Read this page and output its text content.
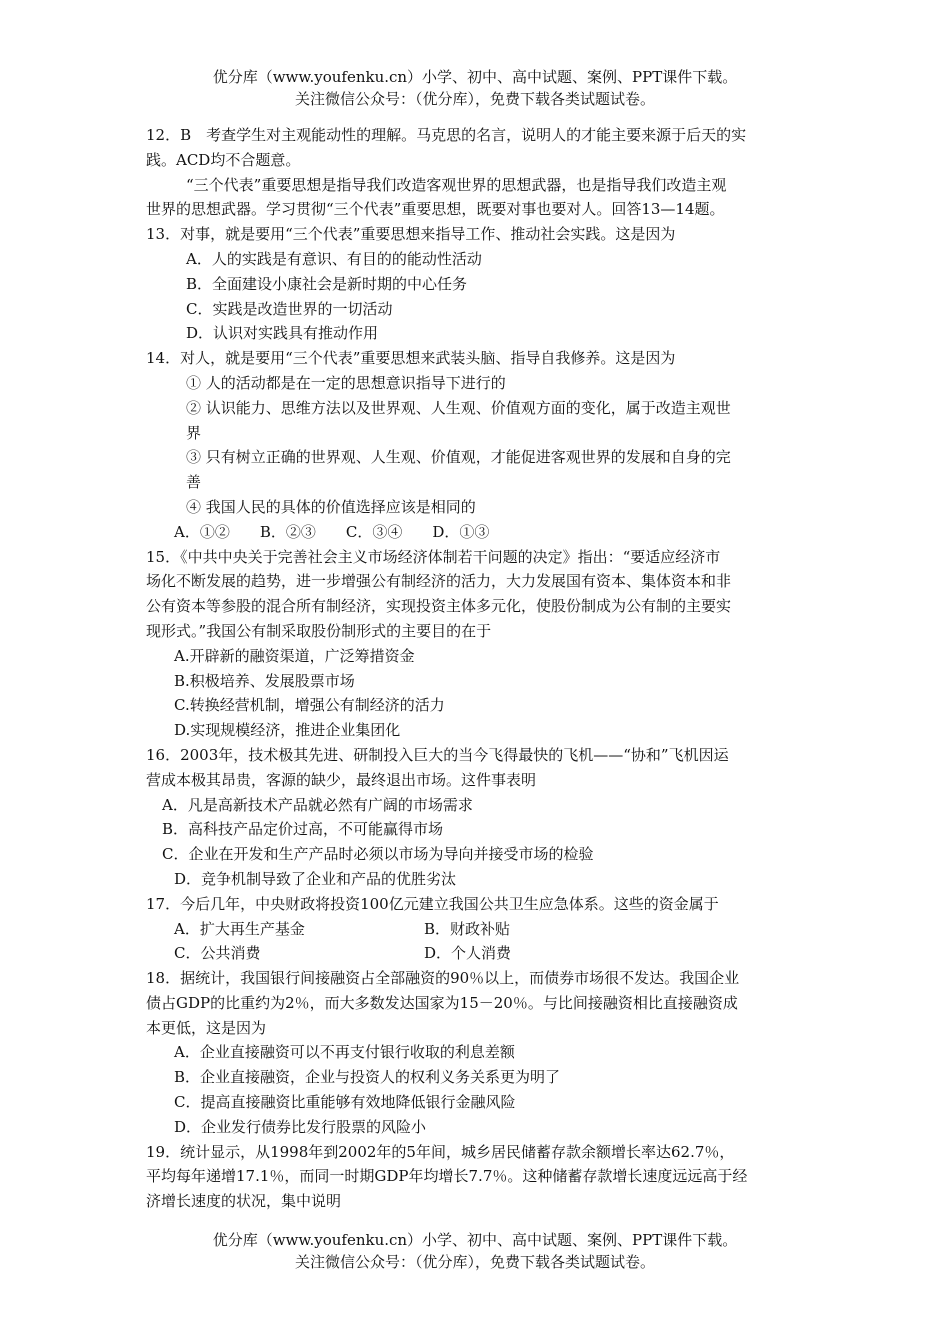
优分库（www.youfenku.cn）小学、初中、高中试题、案例、PPT课件下载。
关注微信公众号：（优分库），免费下载各类试题试卷。

12．B　考查学生对主观能动性的理解。马克思的名言，说明人的才能主要来源于后天的实

践。ACD均不合题意。

“三个代表”重要思想是指导我们改造客观世界的思想武器，也是指导我们改造主观

世界的思想武器。学习贯彻“三个代表”重要思想，既要对事也要对人。回答13—14题。

13．对事，就是要用“三个代表”重要思想来指导工作、推动社会实践。这是因为

A．人的实践是有意识、有目的的能动性活动

B．全面建设小康社会是新时期的中心任务

C．实践是改造世界的一切活动

D．认识对实践具有推动作用

14．对人，就是要用“三个代表”重要思想来武装头脑、指导自我修养。这是因为

① 人的活动都是在一定的思想意识指导下进行的

② 认识能力、思维方法以及世界观、人生观、价值观方面的变化，属于改造主观世

界

③ 只有树立正确的世界观、人生观、价值观，才能促进客观世界的发展和自身的完

善

④ 我国人民的具体的价值选择应该是相同的

A．①②　　B．②③　　C．③④　　D．①③

15．《中共中央关于完善社会主义市场经济体制若干问题的决定》指出：“要适应经济市

场化不断发展的趋势，进一步增强公有制经济的活力，大力发展国有资本、集体资本和非

公有资本等参股的混合所有制经济，实现投资主体多元化，使股份制成为公有制的主要实

现形式。”我国公有制采取股份制形式的主要目的在于

A.开辟新的融资渠道，广泛筹措资金

B.积极培养、发展股票市场

C.转换经营机制，增强公有制经济的活力

D.实现规模经济，推进企业集团化

16．2003年，技术极其先进、研制投入巨大的当今飞得最快的飞机——“协和”飞机因运

营成本极其昂贵，客源的缺少，最终退出市场。这件事表明

A．凡是高新技术产品就必然有广阔的市场需求

B．高科技产品定价过高，不可能赢得市场

C．企业在开发和生产产品时必须以市场为导向并接受市场的检验

D．竞争机制导致了企业和产品的优胜劣汰

17．今后几年，中央财政将投资100亿元建立我国公共卫生应急体系。这些的资金属于

A．扩大再生产基金	B．财政补贴
C．公共消费	D．个人消费

18．据统计，我国银行间接融资占全部融资的90％以上，而债券市场很不发达。我国企业

债占GDP的比重约为2％，而大多数发达国家为15－20％。与比间接融资相比直接融资成

本更低，这是因为

A．企业直接融资可以不再支付银行收取的利息差额

B．企业直接融资，企业与投资人的权利义务关系更为明了

C．提高直接融资比重能够有效地降低银行金融风险

D．企业发行债券比发行股票的风险小

19．统计显示，从1998年到2002年的5年间，城乡居民储蓄存款余额增长率达62.7％，

平均每年递增17.1％，而同一时期GDP年均增长7.7％。这种储蓄存款增长速度远远高于经

济增长速度的状况，集中说明

优分库（www.youfenku.cn）小学、初中、高中试题、案例、PPT课件下载。
关注微信公众号：（优分库），免费下载各类试题试卷。
